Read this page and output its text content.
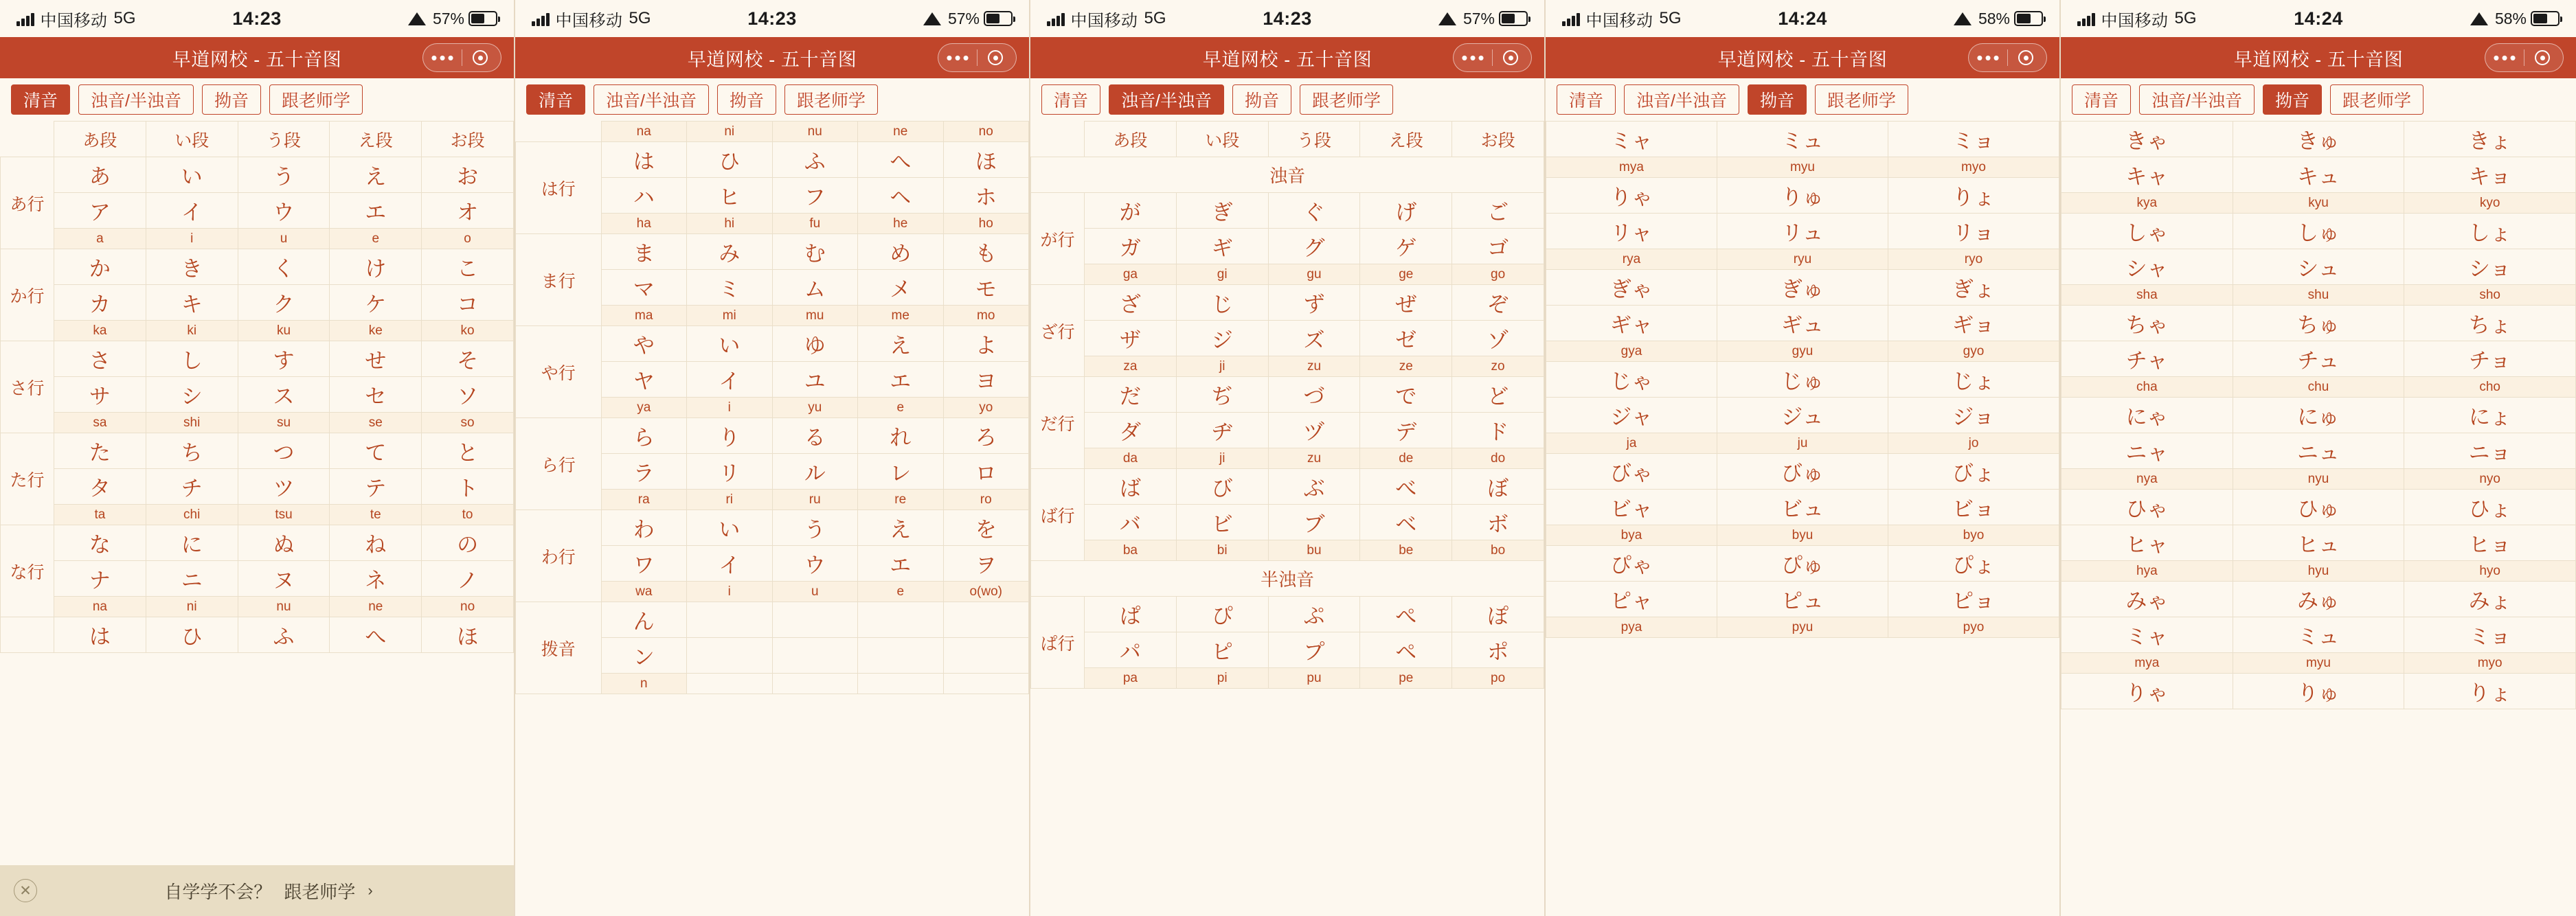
中国移动 5G	14:23	57%
早道网校 - 五十音图	•••
清音	浊音/半浊音	拗音	跟老师学
	あ段	い段	う段	え段	お段
あ行	あ	い	う	え	お
	ア	イ	ウ	エ	オ
	a	i	u	e	o
か行	か	き	く	け	こ
	カ	キ	ク	ケ	コ
	ka	ki	ku	ke	ko
さ行	さ	し	す	せ	そ
	サ	シ	ス	セ	ソ
	sa	shi	su	se	so
た行	た	ち	つ	て	と
	タ	チ	ツ	テ	ト
	ta	chi	tsu	te	to
な行	な	に	ぬ	ね	の
	ナ	ニ	ヌ	ネ	ノ
	na	ni	nu	ne	no
	は	ひ	ふ	へ	ほ
✕	自学学不会？ 跟老师学 ›
中国移动 5G	14:23	57%
早道网校 - 五十音图	•••
清音	浊音/半浊音	拗音	跟老师学
	na	ni	nu	ne	no
は行	は	ひ	ふ	へ	ほ
	ハ	ヒ	フ	ヘ	ホ
	ha	hi	fu	he	ho
ま行	ま	み	む	め	も
	マ	ミ	ム	メ	モ
	ma	mi	mu	me	mo
や行	や	い	ゆ	え	よ
	ヤ	イ	ユ	エ	ヨ
	ya	i	yu	e	yo
ら行	ら	り	る	れ	ろ
	ラ	リ	ル	レ	ロ
	ra	ri	ru	re	ro
わ行	わ	い	う	え	を
	ワ	イ	ウ	エ	ヲ
	wa	i	u	e	o(wo)
拨音	ん				
	ン				
	n				
中国移动 5G	14:23	57%
早道网校 - 五十音图	•••
清音	浊音/半浊音	拗音	跟老师学
	あ段	い段	う段	え段	お段
浊音					
が行	が	ぎ	ぐ	げ	ご
	ガ	ギ	グ	ゲ	ゴ
	ga	gi	gu	ge	go
ざ行	ざ	じ	ず	ぜ	ぞ
	ザ	ジ	ズ	ゼ	ゾ
	za	ji	zu	ze	zo
だ行	だ	ぢ	づ	で	ど
	ダ	ヂ	ヅ	デ	ド
	da	ji	zu	de	do
ば行	ば	び	ぶ	べ	ぼ
	バ	ビ	ブ	ベ	ボ
	ba	bi	bu	be	bo
半浊音					
ぱ行	ぱ	ぴ	ぷ	ぺ	ぽ
	パ	ピ	プ	ペ	ポ
	pa	pi	pu	pe	po
中国移动 5G	14:24	58%
早道网校 - 五十音图	•••
清音	浊音/半浊音	拗音	跟老师学
ミャ	ミュ	ミョ
mya	myu	myo
りゃ	りゅ	りょ
リャ	リュ	リョ
rya	ryu	ryo
ぎゃ	ぎゅ	ぎょ
ギャ	ギュ	ギョ
gya	gyu	gyo
じゃ	じゅ	じょ
ジャ	ジュ	ジョ
ja	ju	jo
びゃ	びゅ	びょ
ビャ	ビュ	ビョ
bya	byu	byo
ぴゃ	ぴゅ	ぴょ
ピャ	ピュ	ピョ
pya	pyu	pyo
中国移动 5G	14:24	58%
早道网校 - 五十音图	•••
清音	浊音/半浊音	拗音	跟老师学
きゃ	きゅ	きょ
キャ	キュ	キョ
kya	kyu	kyo
しゃ	しゅ	しょ
シャ	シュ	ショ
sha	shu	sho
ちゃ	ちゅ	ちょ
チャ	チュ	チョ
cha	chu	cho
にゃ	にゅ	にょ
ニャ	ニュ	ニョ
nya	nyu	nyo
ひゃ	ひゅ	ひょ
ヒャ	ヒュ	ヒョ
hya	hyu	hyo
みゃ	みゅ	みょ
ミャ	ミュ	ミョ
mya	myu	myo
りゃ	りゅ	りょ
